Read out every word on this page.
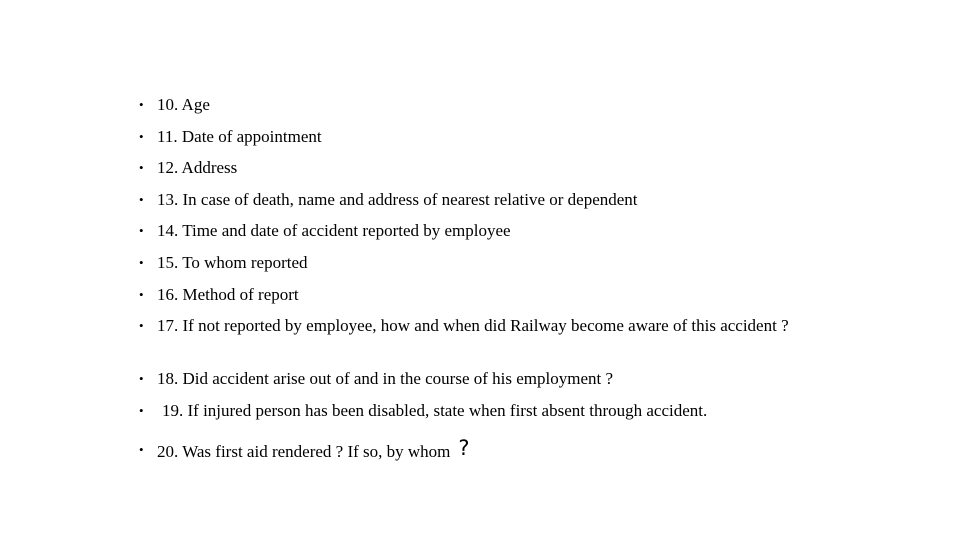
• 10. Age
• 11. Date of appointment
• 12. Address
• 13. In case of death, name and address of nearest relative or dependent
• 14. Time and date of accident reported by employee
• 15. To whom reported
• 16. Method of report
• 17. If not reported by employee, how and when did Railway become aware of this accident ?
• 18. Did accident arise out of and in the course of his employment ?
• 19. If injured person has been disabled, state when first absent through accident.
• 20. Was first aid rendered ? If so, by whom ?
